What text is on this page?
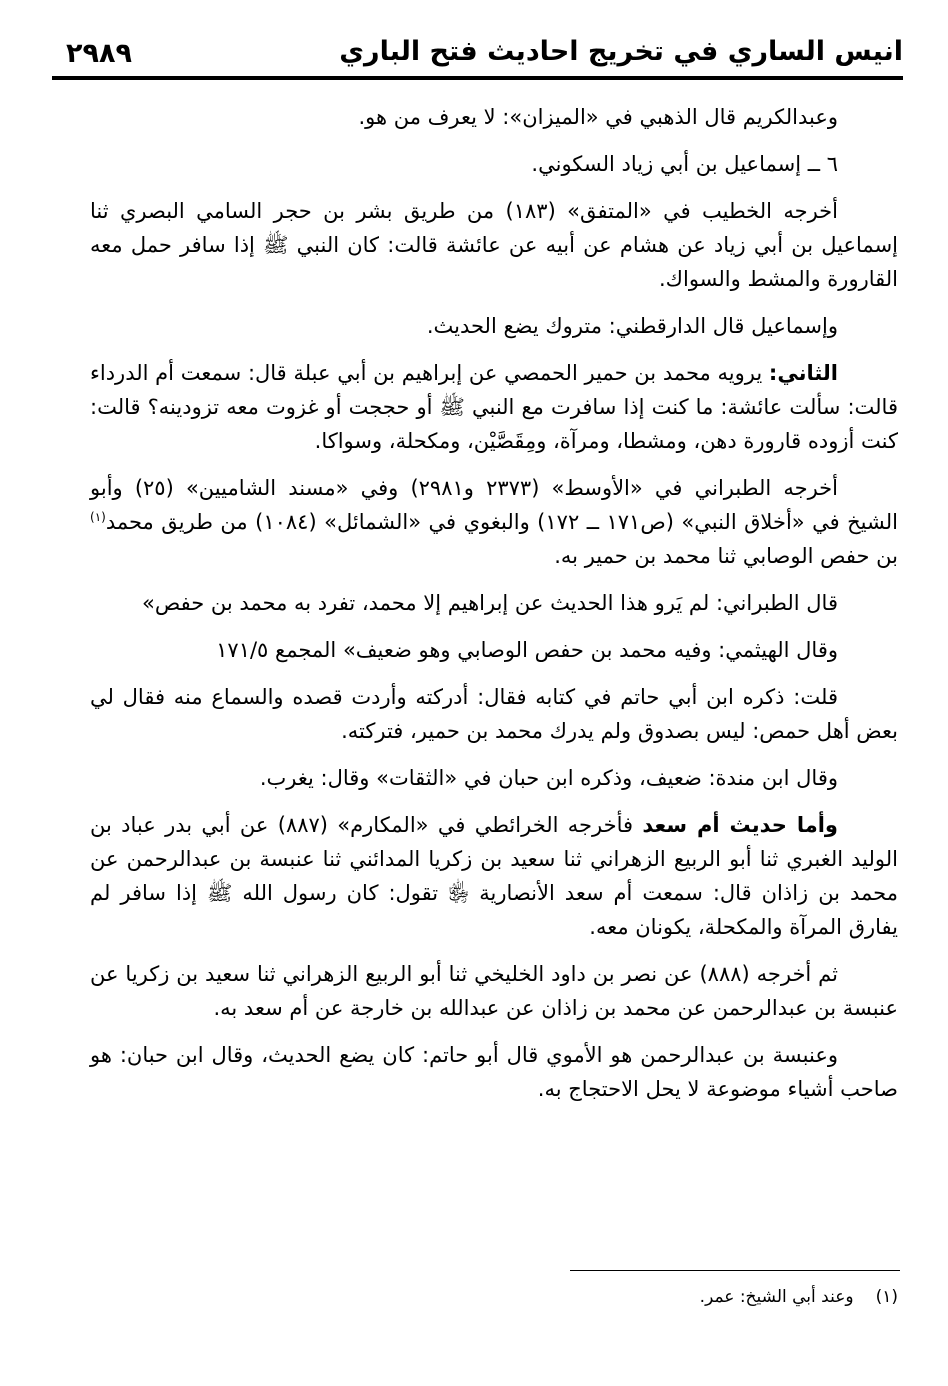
انيس الساري في تخريج احاديث فتح الباري
٢٩٨٩

وعبدالكريم قال الذهبي في «الميزان»: لا يعرف من هو.

٦ ــ إسماعيل بن أبي زياد السكوني.

أخرجه الخطيب في «المتفق» (١٨٣) من طريق بشر بن حجر السامي البصري ثنا إسماعيل بن أبي زياد عن هشام عن أبيه عن عائشة قالت: كان النبي ﷺ إذا سافر حمل معه القارورة والمشط والسواك.

وإسماعيل قال الدارقطني: متروك يضع الحديث.

الثاني: يرويه محمد بن حمير الحمصي عن إبراهيم بن أبي عبلة قال: سمعت أم الدرداء قالت: سألت عائشة: ما كنت إذا سافرت مع النبي ﷺ أو حججت أو غزوت معه تزودينه؟ قالت: كنت أزوده قارورة دهن، ومشطا، ومرآة، ومِقَصَّيْن، ومكحلة، وسواكا.

أخرجه الطبراني في «الأوسط» (٢٣٧٣ و٢٩٨١) وفي «مسند الشاميين» (٢٥) وأبو الشيخ في «أخلاق النبي» (ص١٧١ ــ ١٧٢) والبغوي في «الشمائل» (١٠٨٤) من طريق محمد$^{(١)}$ بن حفص الوصابي ثنا محمد بن حمير به.

قال الطبراني: لم يَرو هذا الحديث عن إبراهيم إلا محمد، تفرد به محمد بن حفص»

وقال الهيثمي: وفيه محمد بن حفص الوصابي وهو ضعيف» المجمع ١٧١/٥

قلت: ذكره ابن أبي حاتم في كتابه فقال: أدركته وأردت قصده والسماع منه فقال لي بعض أهل حمص: ليس بصدوق ولم يدرك محمد بن حمير، فتركته.

وقال ابن مندة: ضعيف، وذكره ابن حبان في «الثقات» وقال: يغرب.

وأما حديث أم سعد فأخرجه الخرائطي في «المكارم» (٨٨٧) عن أبي بدر عباد بن الوليد الغبري ثنا أبو الربيع الزهراني ثنا سعيد بن زكريا المدائني ثنا عنبسة بن عبدالرحمن عن محمد بن زاذان قال: سمعت أم سعد الأنصارية ﵂ تقول: كان رسول الله ﷺ إذا سافر لم يفارق المرآة والمكحلة، يكونان معه.

ثم أخرجه (٨٨٨) عن نصر بن داود الخليخي ثنا أبو الربيع الزهراني ثنا سعيد بن زكريا عن عنبسة بن عبدالرحمن عن محمد بن زاذان عن عبدالله بن خارجة عن أم سعد به.

وعنبسة بن عبدالرحمن هو الأموي قال أبو حاتم: كان يضع الحديث، وقال ابن حبان: هو صاحب أشياء موضوعة لا يحل الاحتجاج به.

(١)وعند أبي الشيخ: عمر.
